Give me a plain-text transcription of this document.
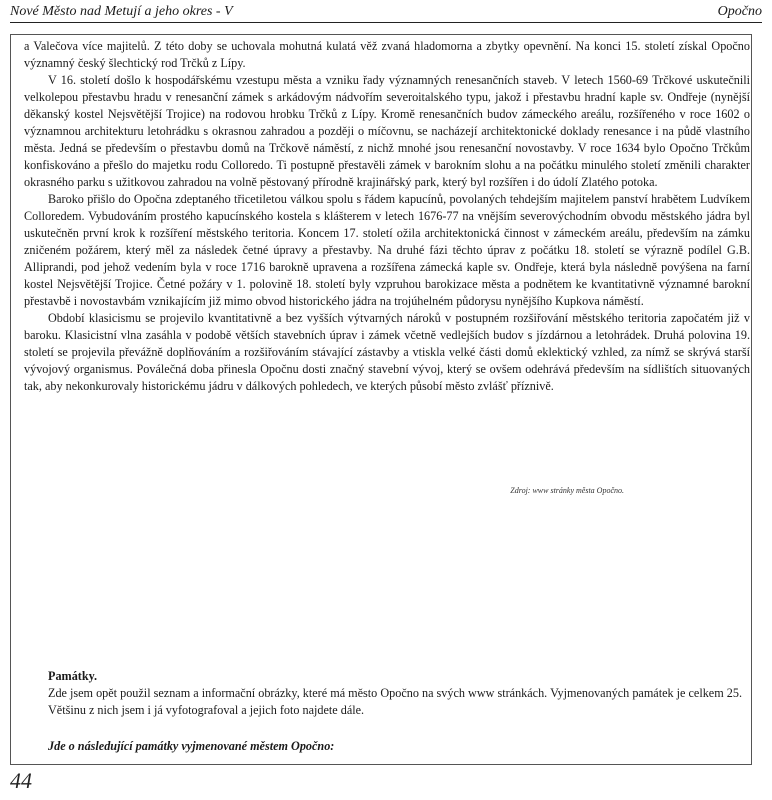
Nové Město nad Metují a jeho okres - V	Opočno

a Valečova více majitelů. Z této doby se uchovala mohutná kulatá věž zvaná hladomorna a zbytky opevnění. Na konci 15. století získal Opočno významný český šlechtický rod Trčků z Lípy.

V 16. století došlo k hospodářskému vzestupu města a vzniku řady významných renesančních staveb. V letech 1560-69 Trčkové uskutečnili velkolepou přestavbu hradu v renesanční zámek s arkádovým nádvořím severoitalského typu, jakož i přestavbu hradní kaple sv. Ondřeje (nynější děkanský kostel Nejsvětější Trojice) na rodovou hrobku Trčků z Lípy. Kromě renesančních budov zámeckého areálu, rozšířeného v roce 1602 o významnou architekturu letohrádku s okrasnou zahradou a později o míčovnu, se nacházejí architektonické doklady renesance i na půdě vlastního města. Jedná se především o přestavbu domů na Trčkově náměstí, z nichž mnohé jsou renesanční novostavby. V roce 1634 bylo Opočno Trčkům konfiskováno a přešlo do majetku rodu Colloredo. Ti postupně přestavěli zámek v barokním slohu a na počátku minulého století změnili charakter okrasného parku s užitkovou zahradou na volně pěstovaný přírodně krajinářský park, který byl rozšířen i do údolí Zlatého potoka.

Baroko přišlo do Opočna zdeptaného třicetiletou válkou spolu s řádem kapucínů, povolaných tehdejším majitelem panství hrabětem Ludvíkem Colloredem. Vybudováním prostého kapucínského kostela s klášterem v letech 1676-77 na vnějším severovýchodním obvodu městského jádra byl uskutečněn první krok k rozšíření městského teritoria. Koncem 17. století ožila architektonická činnost v zámeckém areálu, především na zámku zničeném požárem, který měl za následek četné úpravy a přestavby. Na druhé fázi těchto úprav z počátku 18. století se výrazně podílel G.B. Alliprandi, pod jehož vedením byla v roce 1716 barokně upravena a rozšířena zámecká kaple sv. Ondřeje, která byla následně povýšena na farní kostel Nejsvětější Trojice. Četné požáry v 1. polovině 18. století byly vzpruhou barokizace města a podnětem ke kvantitativně významné barokní přestavbě i novostavbám vznikajícím již mimo obvod historického jádra na trojúhelném půdorysu nynějšího Kupkova náměstí.

Období klasicismu se projevilo kvantitativně a bez vyšších výtvarných nároků v postupném rozšiřování městského teritoria započatém již v baroku. Klasicistní vlna zasáhla v podobě větších stavebních úprav i zámek včetně vedlejších budov s jízdárnou a letohrádek. Druhá polovina 19. století se projevila převážně doplňováním a rozšiřováním stávající zástavby a vtiskla velké části domů eklektický vzhled, za nímž se skrývá starší vývojový organismus. Poválečná doba přinesla Opočnu dosti značný stavební vývoj, který se ovšem odehrává především na sídlištích situovaných tak, aby nekonkurovaly historickému jádru v dálkových pohledech, ve kterých působí město zvlášť příznivě.

Zdroj: www stránky města Opočno.

Památky.

Zde jsem opět použil seznam a informační obrázky, které má město Opočno na svých www stránkách. Vyjmenovaných památek je celkem 25. Většinu z nich jsem i já vyfotografoval a jejich foto najdete dále.

Jde o následující památky vyjmenované městem Opočno:
44
